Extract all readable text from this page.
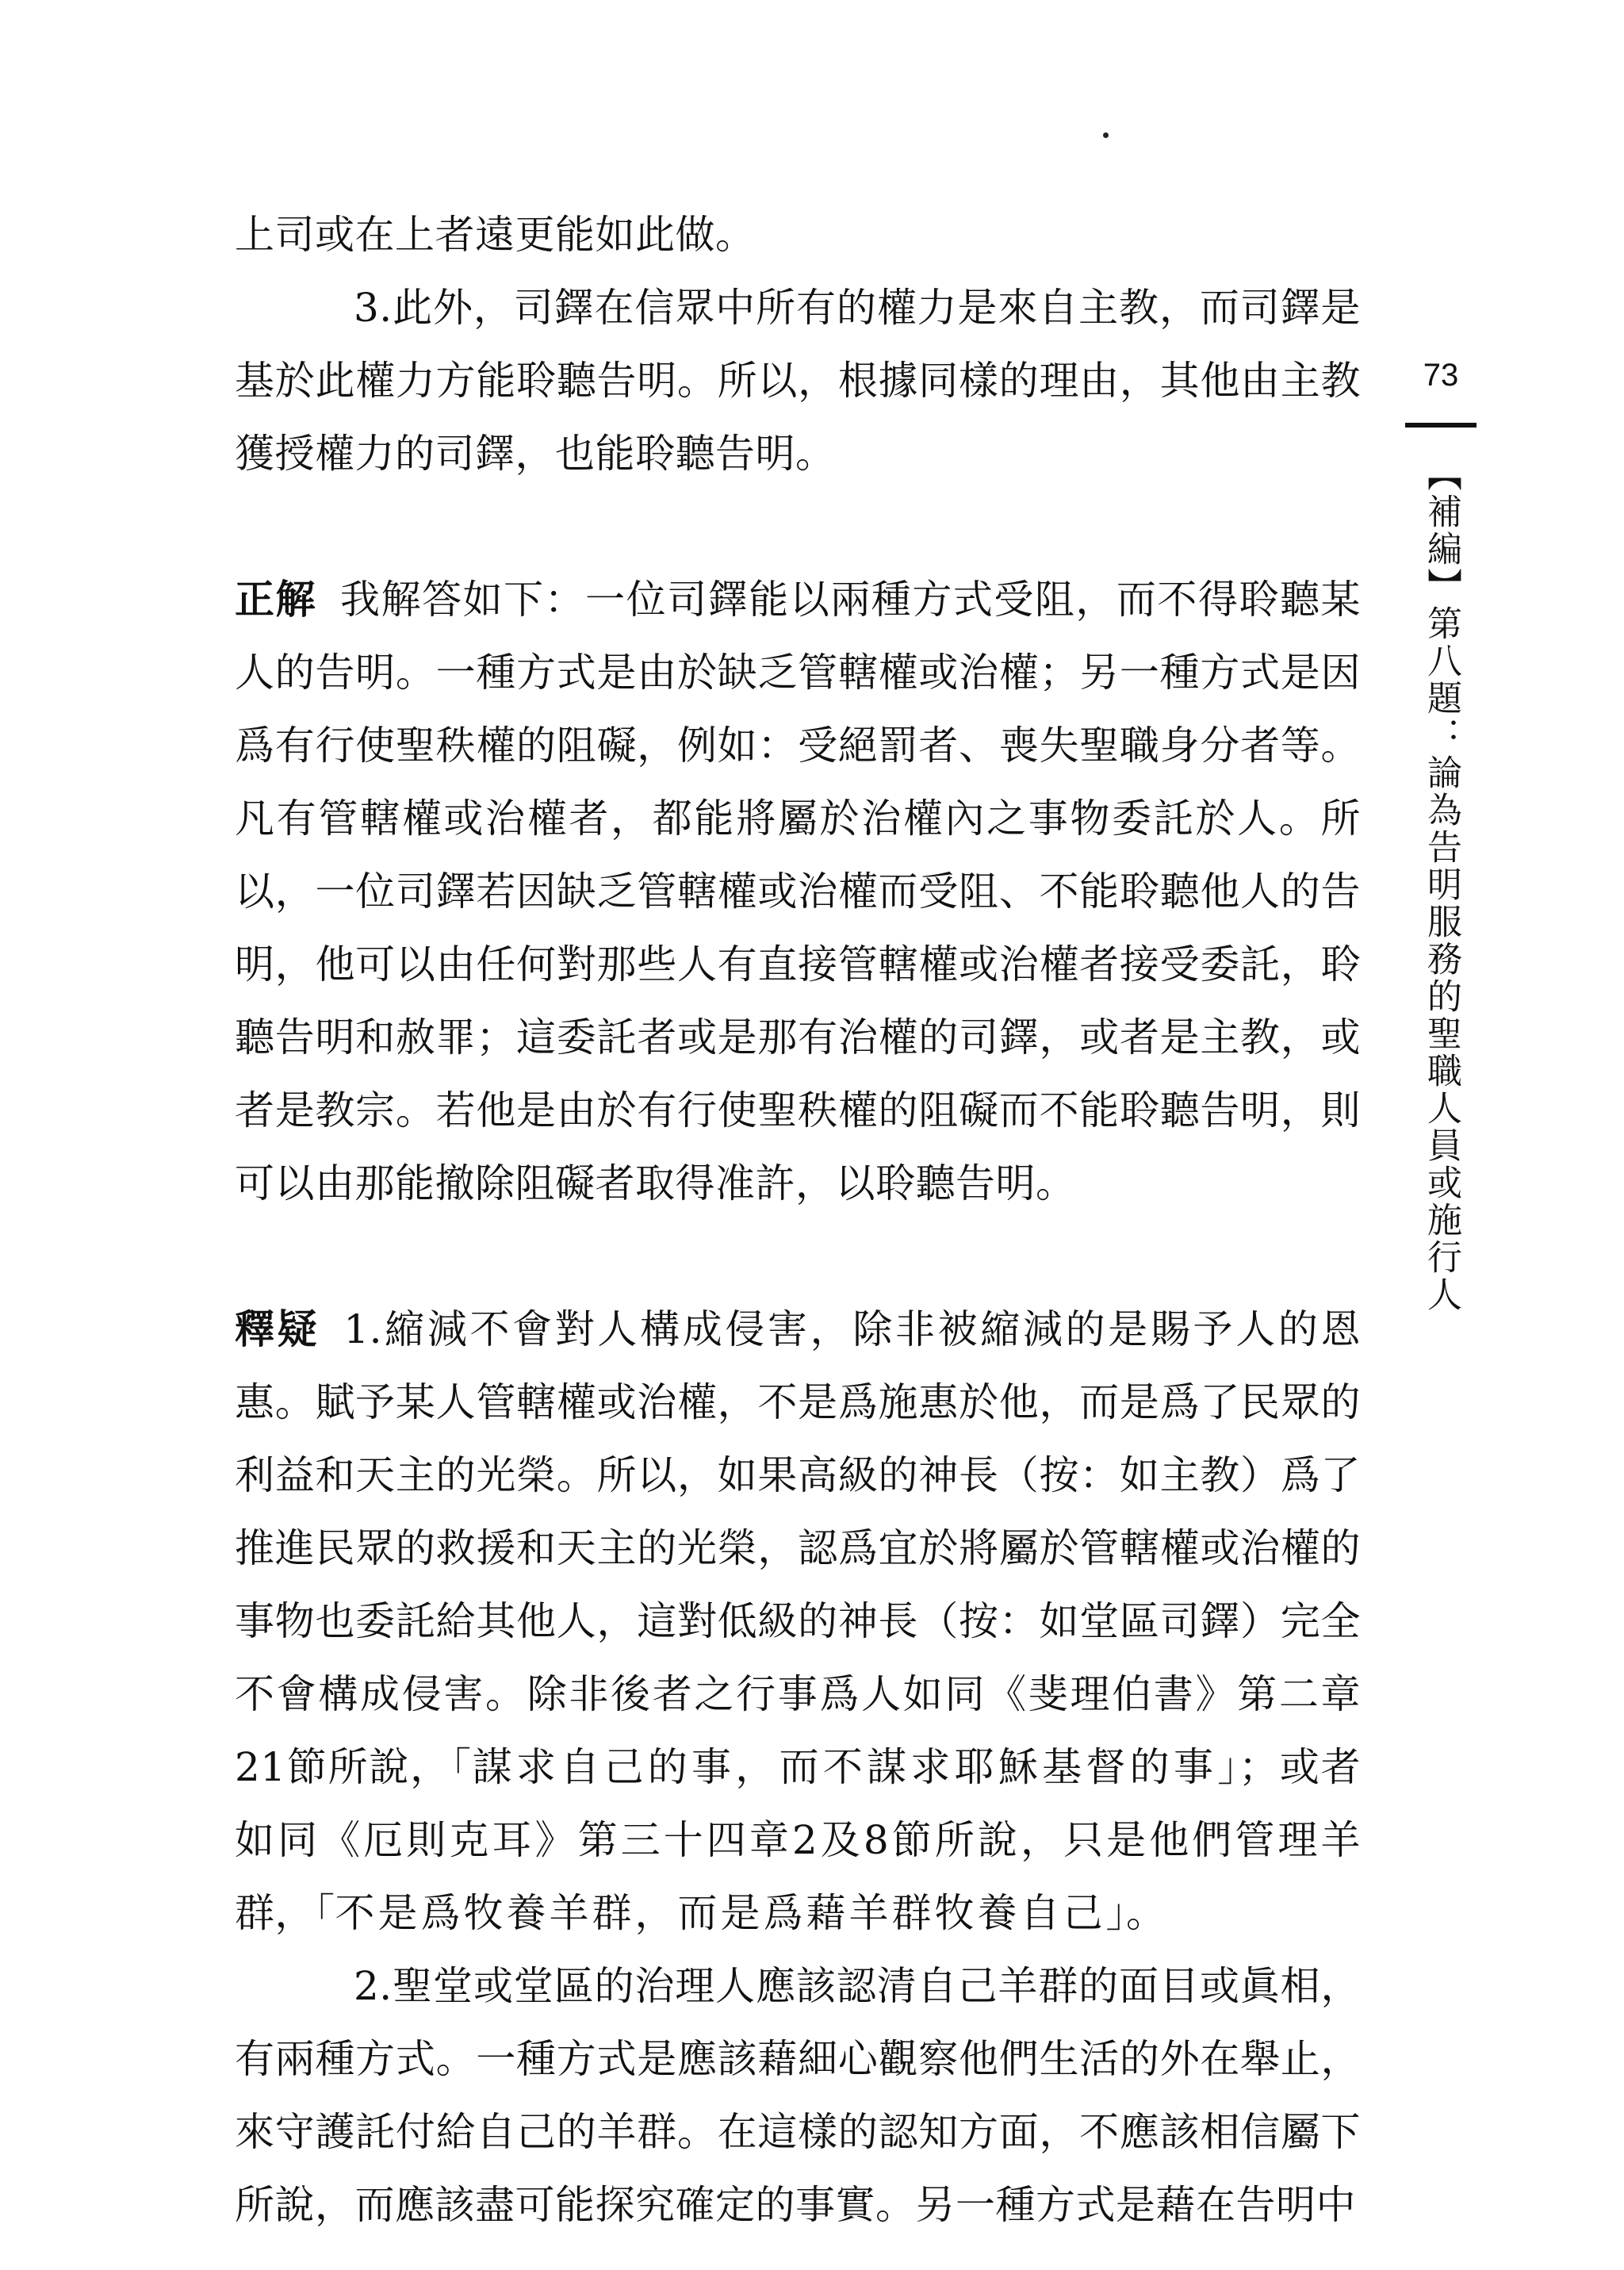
上司或在上者遠更能如此做。

3.此外，司鐸在信眾中所有的權力是來自主教，而司鐸是基於此權力方能聆聽告明。所以，根據同樣的理由，其他由主教獲授權力的司鐸，也能聆聽告明。

正解 我解答如下：一位司鐸能以兩種方式受阻，而不得聆聽某人的告明。一種方式是由於缺乏管轄權或治權；另一種方式是因爲有行使聖秩權的阻礙，例如：受絕罰者、喪失聖職身分者等。凡有管轄權或治權者，都能將屬於治權內之事物委託於人。所以，一位司鐸若因缺乏管轄權或治權而受阻、不能聆聽他人的告明，他可以由任何對那些人有直接管轄權或治權者接受委託，聆聽告明和赦罪；這委託者或是那有治權的司鐸，或者是主教，或者是教宗。若他是由於有行使聖秩權的阻礙而不能聆聽告明，則可以由那能撤除阻礙者取得准許，以聆聽告明。

釋疑 1.縮減不會對人構成侵害，除非被縮減的是賜予人的恩惠。賦予某人管轄權或治權，不是爲施惠於他，而是爲了民眾的利益和天主的光榮。所以，如果高級的神長（按：如主教）爲了推進民眾的救援和天主的光榮，認爲宜於將屬於管轄權或治權的事物也委託給其他人，這對低級的神長（按：如堂區司鐸）完全不會構成侵害。除非後者之行事爲人如同《斐理伯書》第二章21節所說，「謀求自己的事，而不謀求耶穌基督的事」；或者如同《厄則克耳》第三十四章2及8節所說，只是他們管理羊群，「不是爲牧養羊群，而是爲藉羊群牧養自己」。

2.聖堂或堂區的治理人應該認清自己羊群的面目或眞相，有兩種方式。一種方式是應該藉細心觀察他們生活的外在舉止，來守護託付給自己的羊群。在這樣的認知方面，不應該相信屬下所說，而應該盡可能探究確定的事實。另一種方式是藉在告明中

73
【補編】第八題：論為告明服務的聖職人員或施行人
